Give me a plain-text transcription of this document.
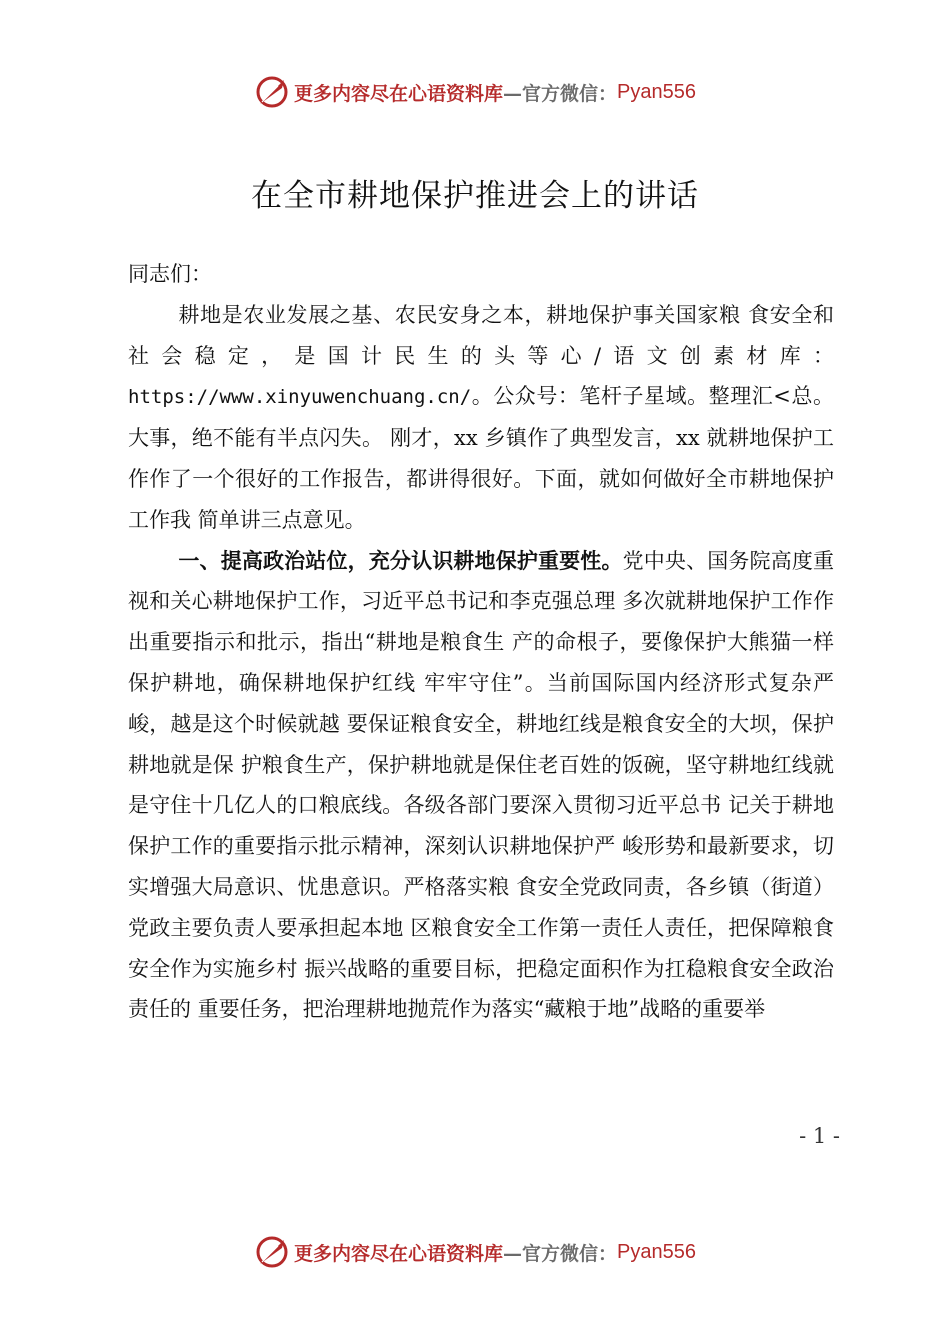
更多内容尽在心语资料库 —官方微信： Pyan556
在全市耕地保护推进会上的讲话

同志们：

耕地是农业发展之基、农民安身之本，耕地保护事关国家粮 食安全和社会稳定，是国计民生的头等心/语文创素材库：https://www.xinyuwenchuang.cn/。公众号：笔杆子星域。整理汇<总。大事，绝不能有半点闪失。 刚才，xx 乡镇作了典型发言，xx 就耕地保护工作作了一个很好的工作报告，都讲得很好。下面，就如何做好全市耕地保护工作我 简单讲三点意见。

一、提高政治站位，充分认识耕地保护重要性。党中央、国务院高度重视和关心耕地保护工作，习近平总书记和李克强总理 多次就耕地保护工作作出重要指示和批示，指出“耕地是粮食生 产的命根子，要像保护大熊猫一样保护耕地，确保耕地保护红线 牢牢守住”。当前国际国内经济形式复杂严峻，越是这个时候就越 要保证粮食安全，耕地红线是粮食安全的大坝，保护耕地就是保 护粮食生产，保护耕地就是保住老百姓的饭碗，坚守耕地红线就 是守住十几亿人的口粮底线。各级各部门要深入贯彻习近平总书 记关于耕地保护工作的重要指示批示精神，深刻认识耕地保护严 峻形势和最新要求，切实增强大局意识、忧患意识。严格落实粮 食安全党政同责，各乡镇（街道）党政主要负责人要承担起本地 区粮食安全工作第一责任人责任，把保障粮食安全作为实施乡村 振兴战略的重要目标，把稳定面积作为扛稳粮食安全政治责任的 重要任务，把治理耕地抛荒作为落实“藏粮于地”战略的重要举

- 1 -
更多内容尽在心语资料库 —官方微信： Pyan556
